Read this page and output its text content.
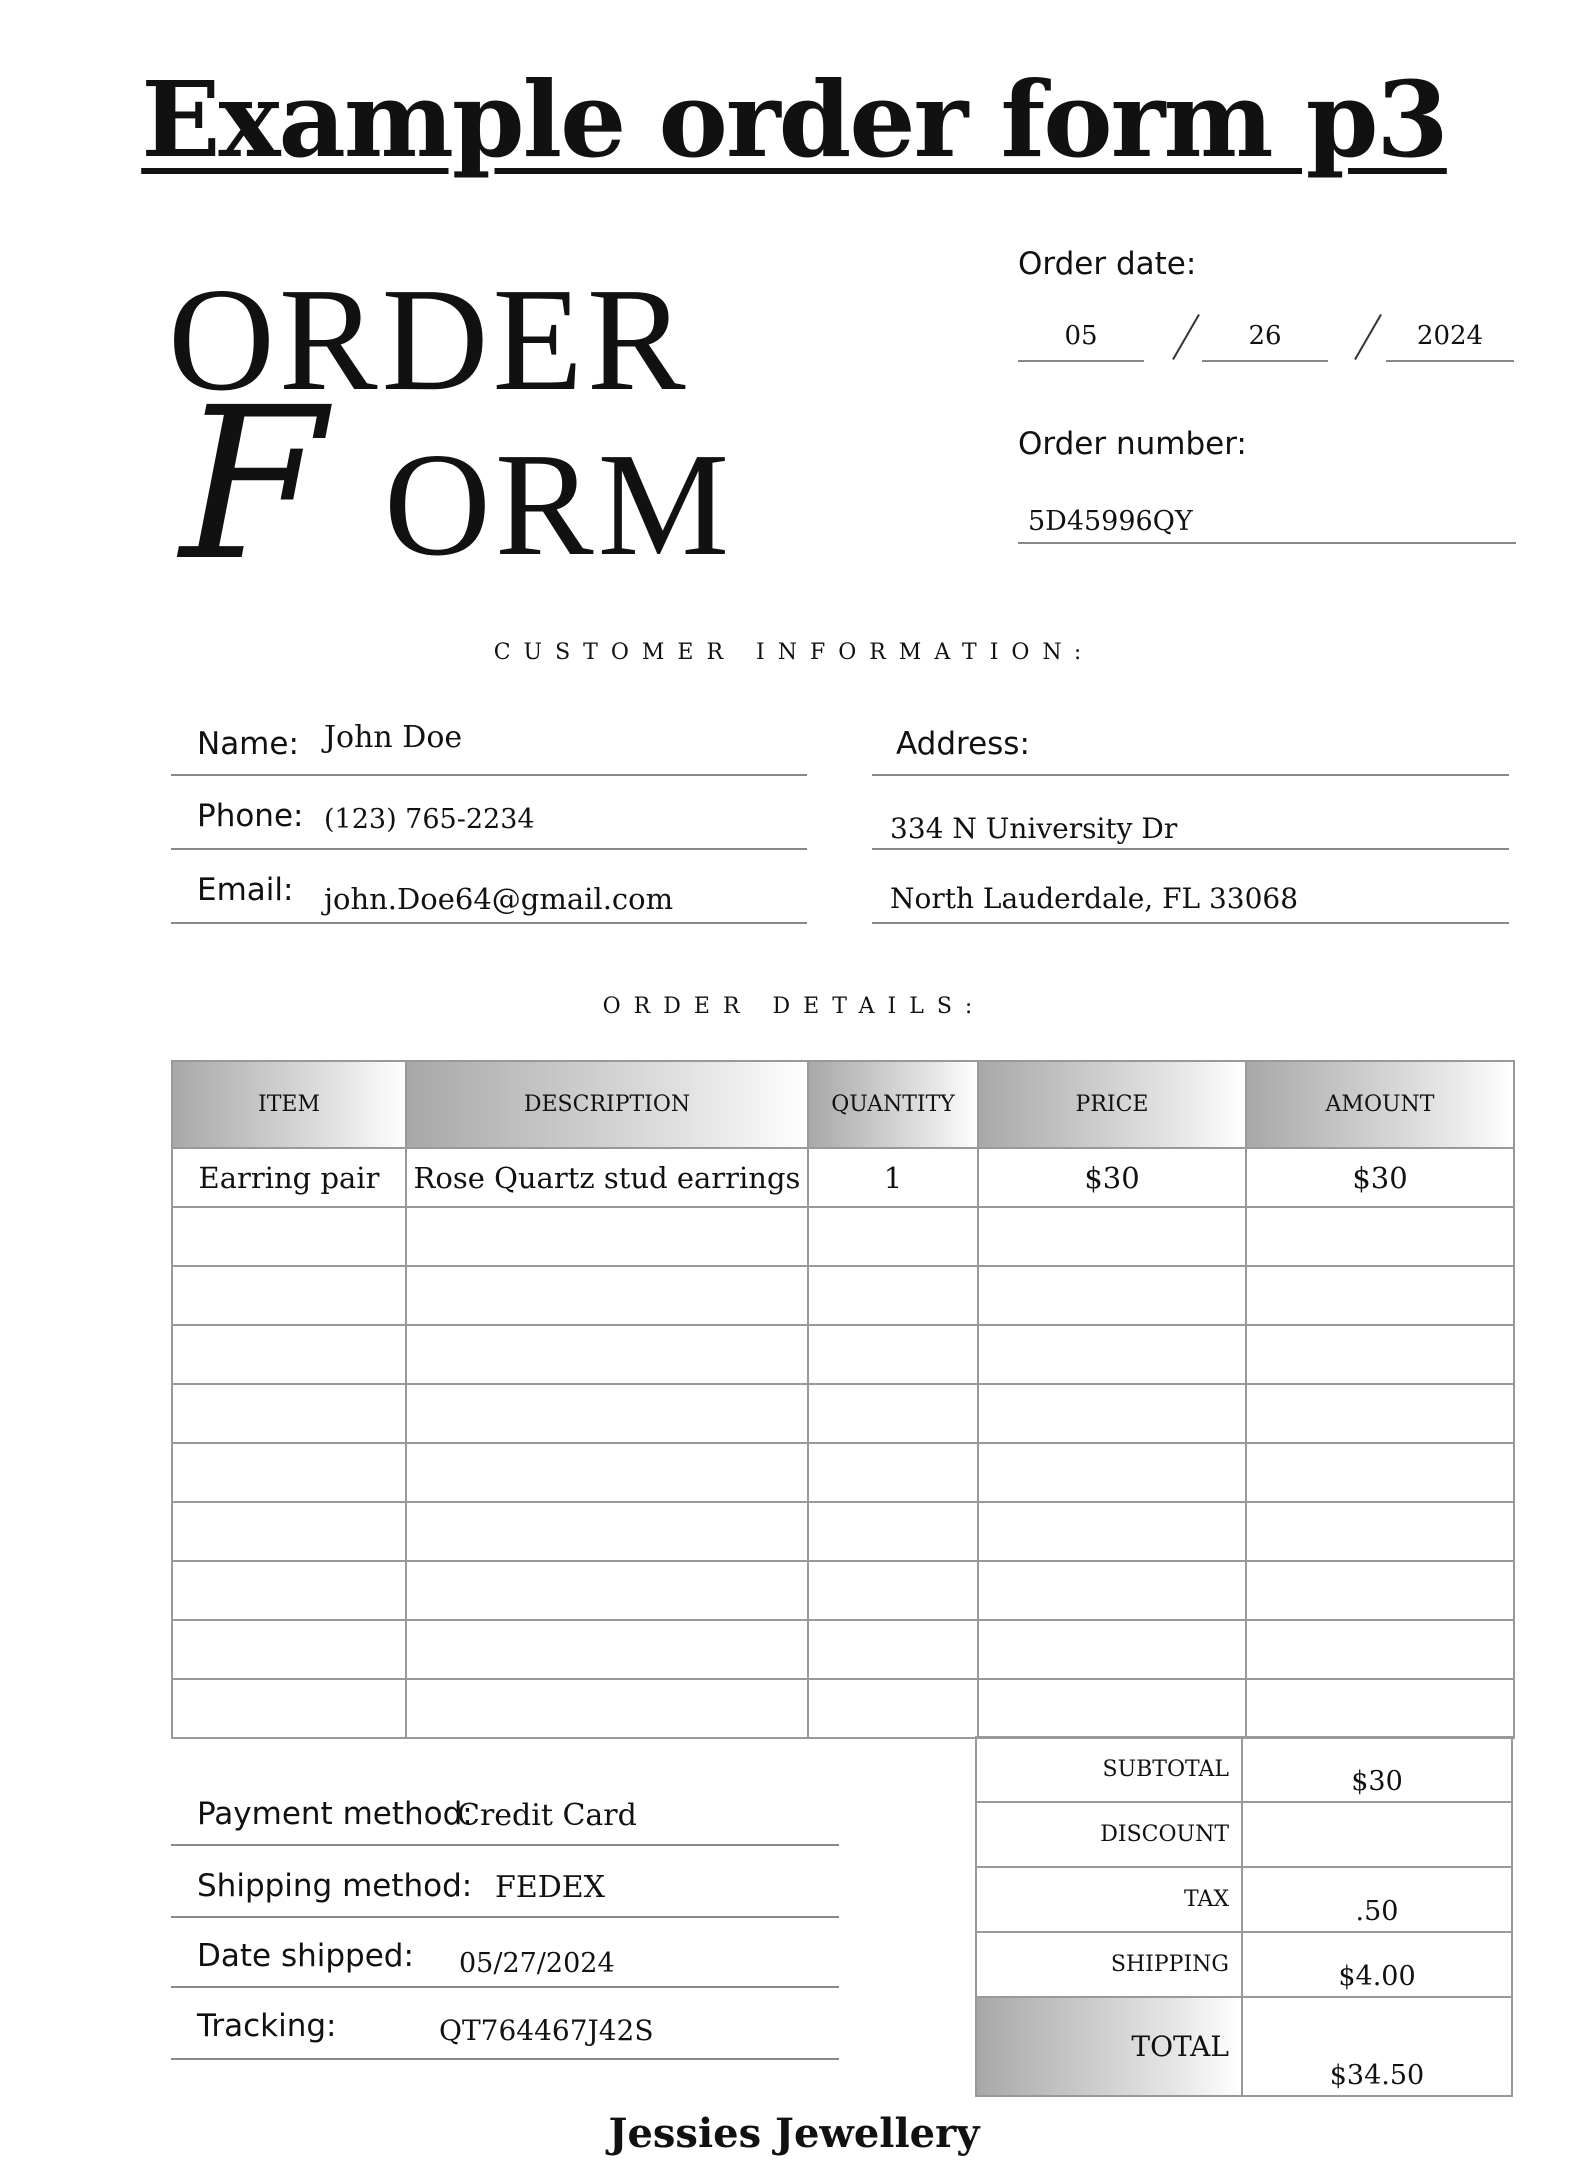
Example order form p3
ORDER
F ORM
Order date:
05	26	2024
Order number:
5D45996QY
CUSTOMER INFORMATION:
Name: John Doe
Phone: (123) 765-2234
Email: john.Doe64@gmail.com
Address:
334 N University Dr
North Lauderdale, FL 33068
ORDER DETAILS:
ITEM	DESCRIPTION	QUANTITY	PRICE	AMOUNT
Earring pair	Rose Quartz stud earrings	1	$30	$30

SUBTOTAL	$30
DISCOUNT	
TAX	.50
SHIPPING	$4.00
TOTAL	$34.50
Payment method:
Credit Card
Shipping method: FEDEX
Date shipped: 05/27/2024
Tracking:	QT764467J42S
Jessies Jewellery
